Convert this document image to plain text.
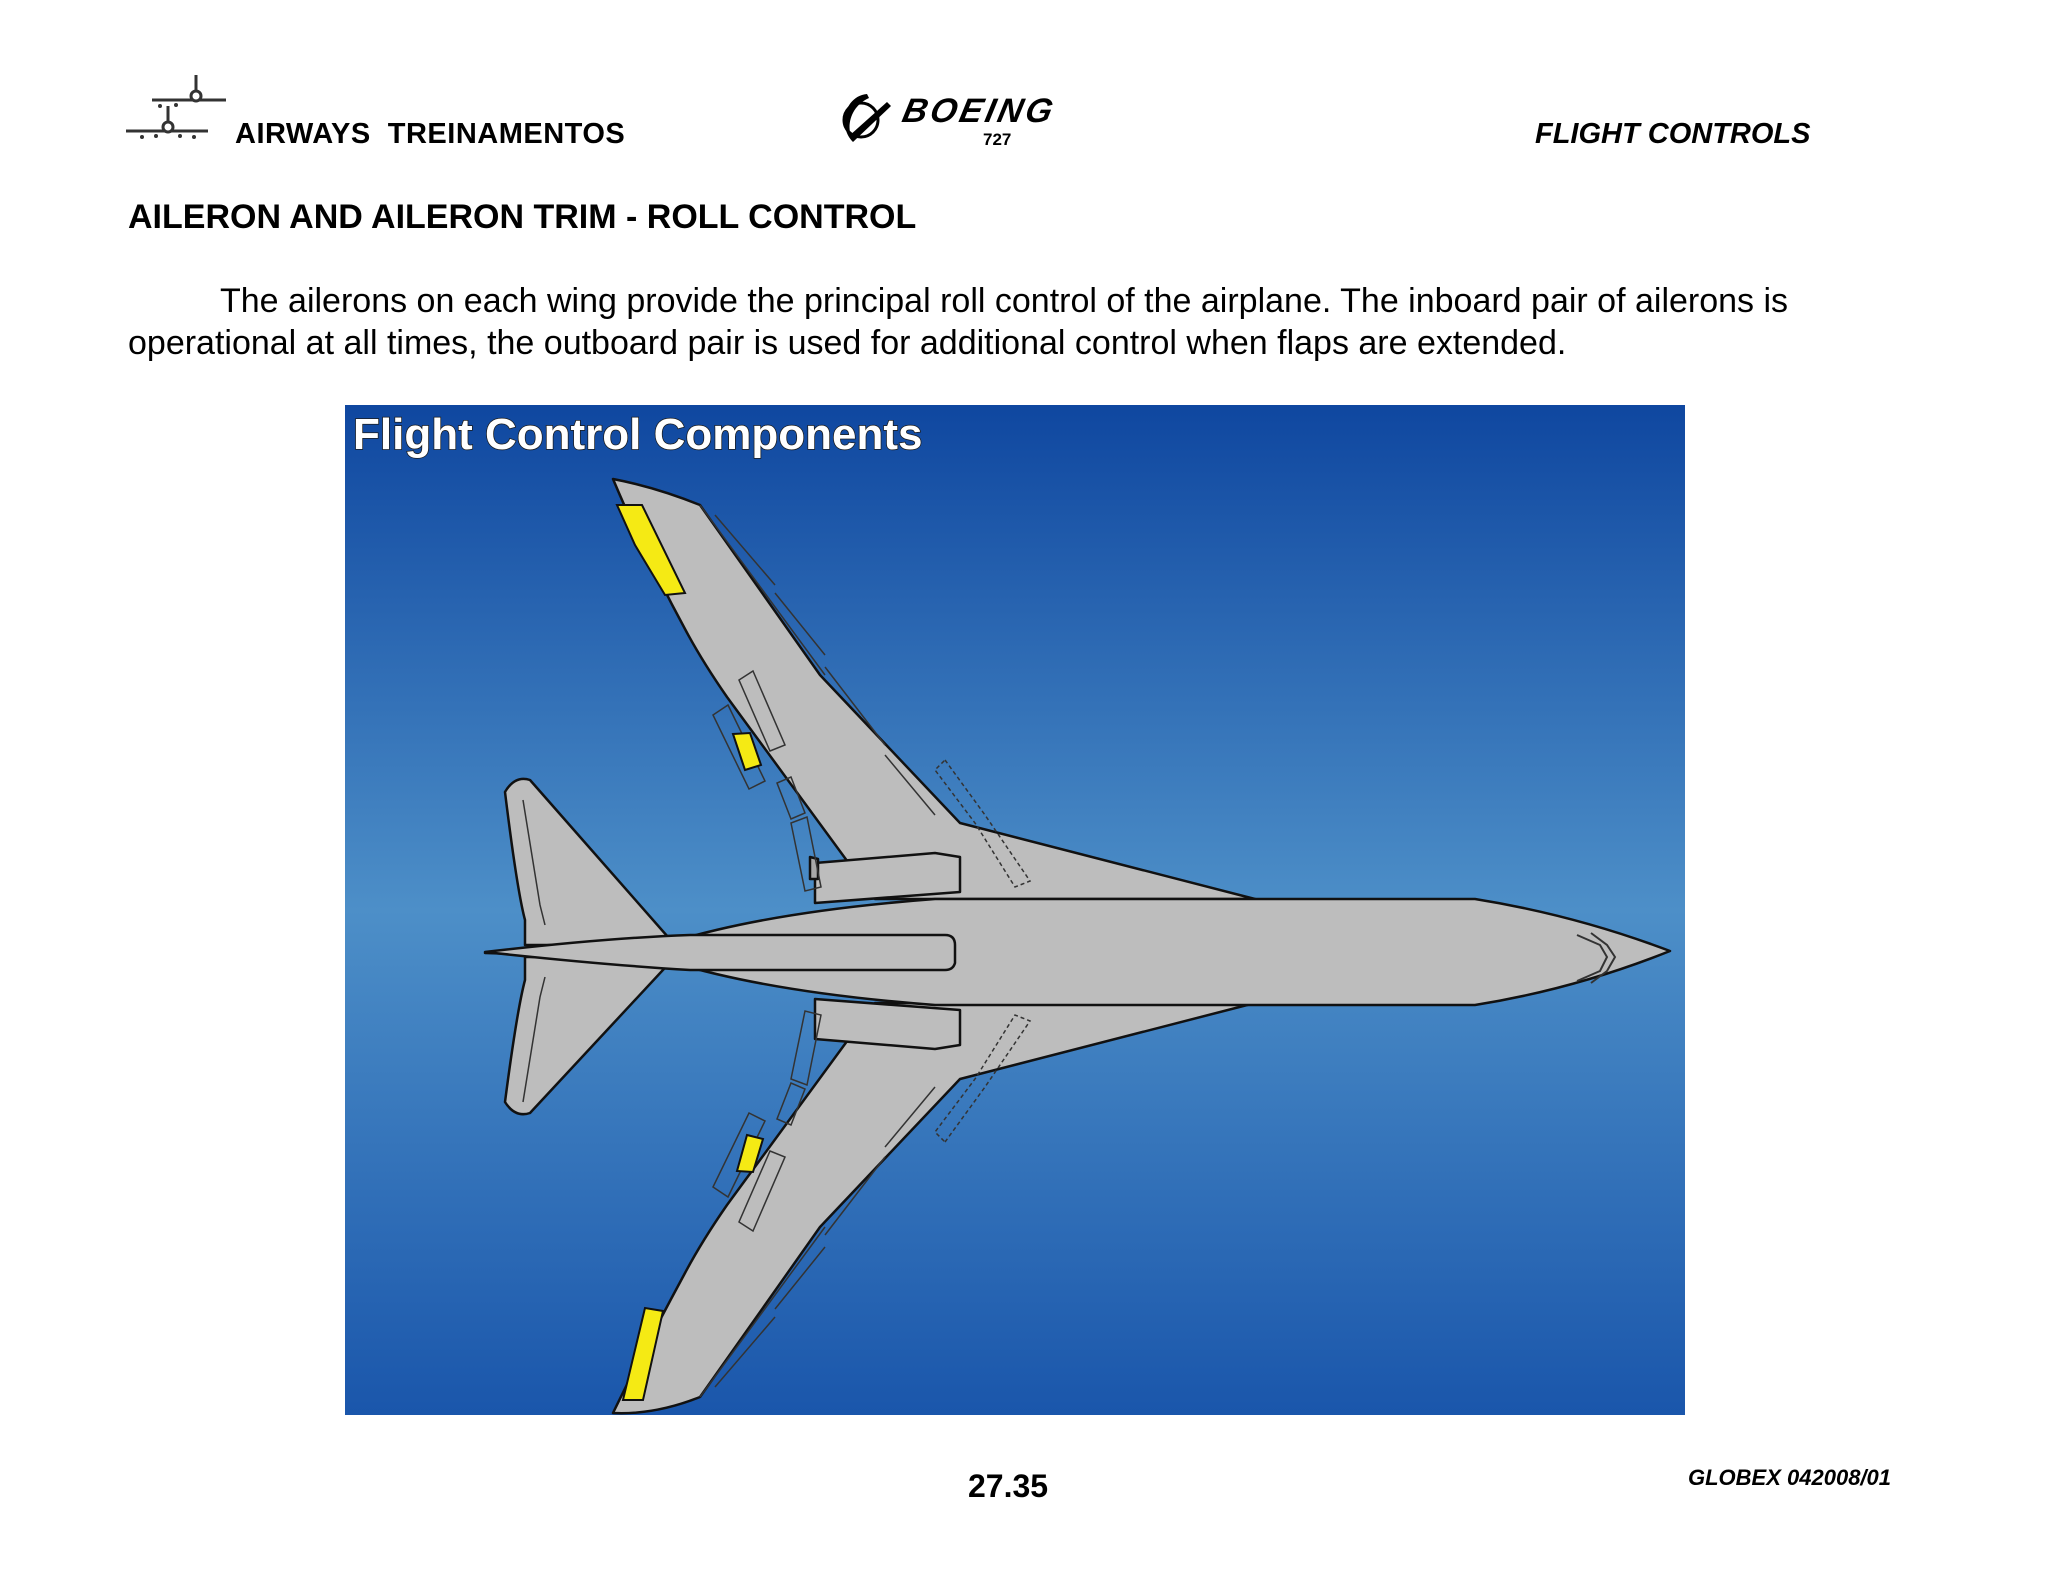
AIRWAYS  TREINAMENTOS
BOEING
727	FLIGHT CONTROLS
AILERON AND AILERON TRIM - ROLL CONTROL
The ailerons on each wing provide the principal roll control of the airplane. The inboard pair of ailerons is operational at all times, the outboard pair is used for additional control when flaps are extended.
Flight Control Components
27.35	GLOBEX 042008/01
